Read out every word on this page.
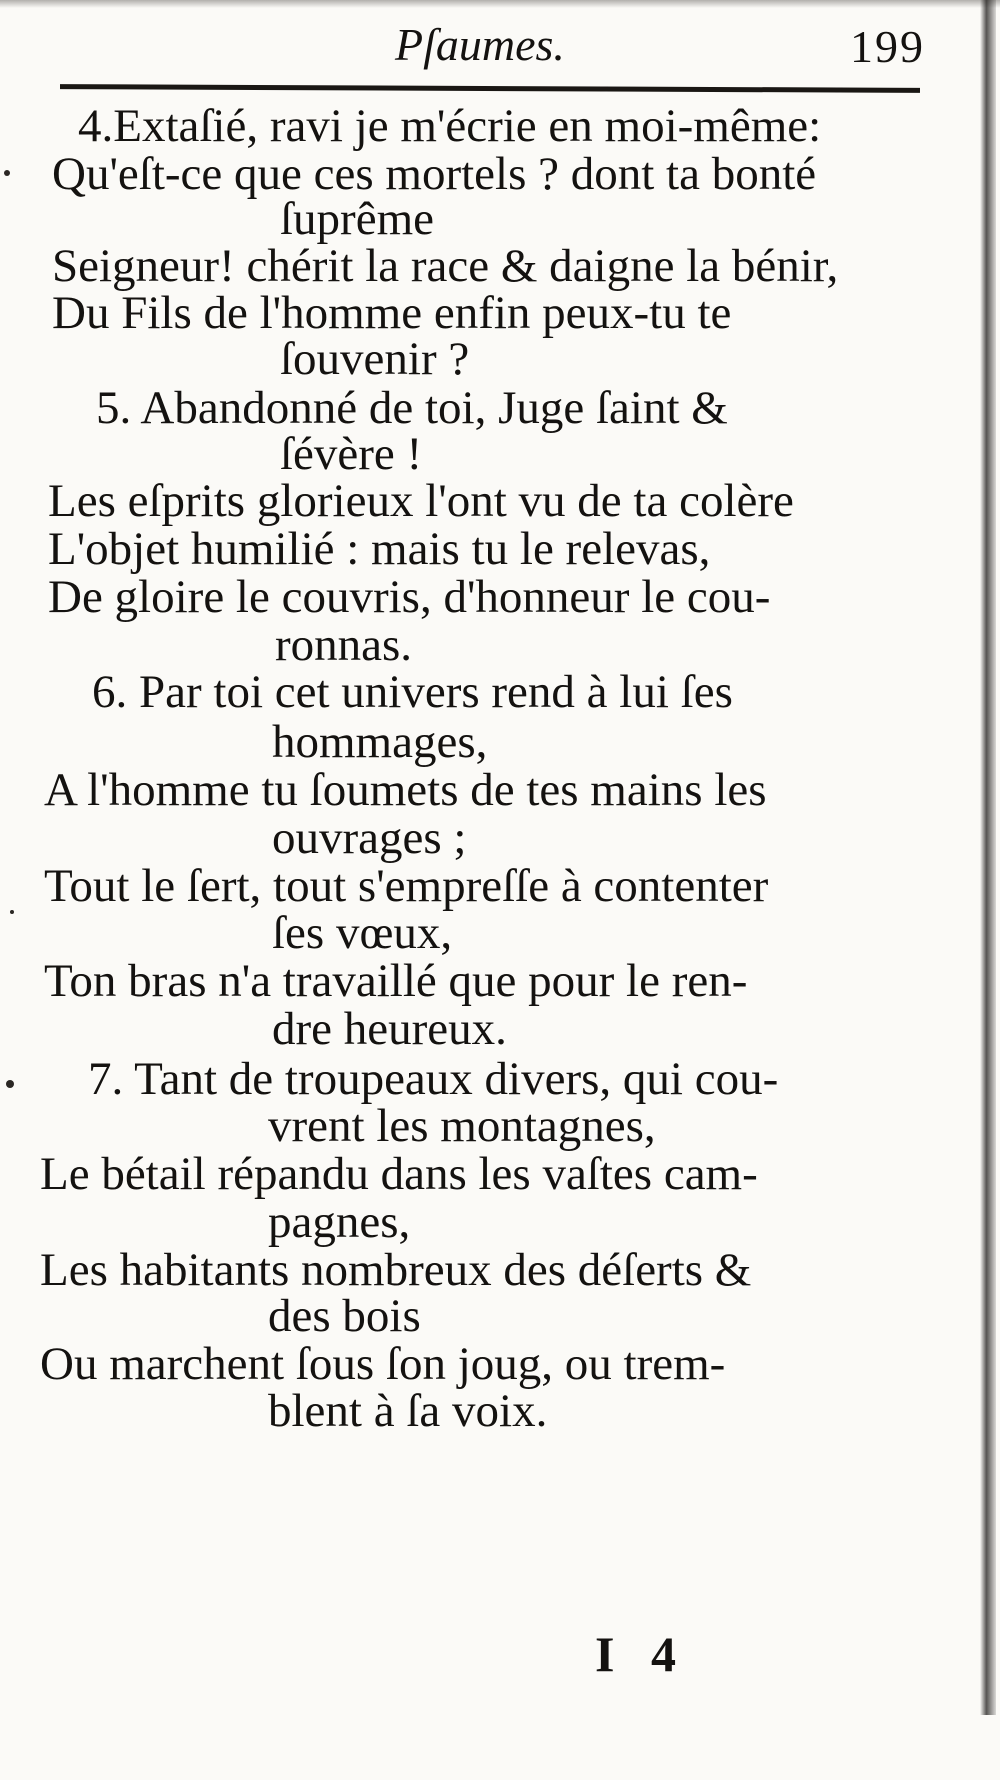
Pſaumes.	199
4.Extaſié, ravi je m'écrie en moi-même:
Qu'eſt-ce que ces mortels ? dont ta bonté
ſuprême
Seigneur! chérit la race & daigne la bénir,
Du Fils de l'homme enfin peux-tu te
ſouvenir ?
5. Abandonné de toi, Juge ſaint &
ſévère !
Les eſprits glorieux l'ont vu de ta colère
L'objet humilié : mais tu le relevas,
De gloire le couvris, d'honneur le cou-
ronnas.
6. Par toi cet univers rend à lui ſes
hommages,
A l'homme tu ſoumets de tes mains les
ouvrages ;
Tout le ſert, tout s'empreſſe à contenter
ſes vœux,
Ton bras n'a travaillé que pour le ren-
dre heureux.
7. Tant de troupeaux divers, qui cou-
vrent les montagnes,
Le bétail répandu dans les vaſtes cam-
pagnes,
Les habitants nombreux des déſerts &
des bois
Ou marchent ſous ſon joug, ou trem-
blent à ſa voix.
I 4
